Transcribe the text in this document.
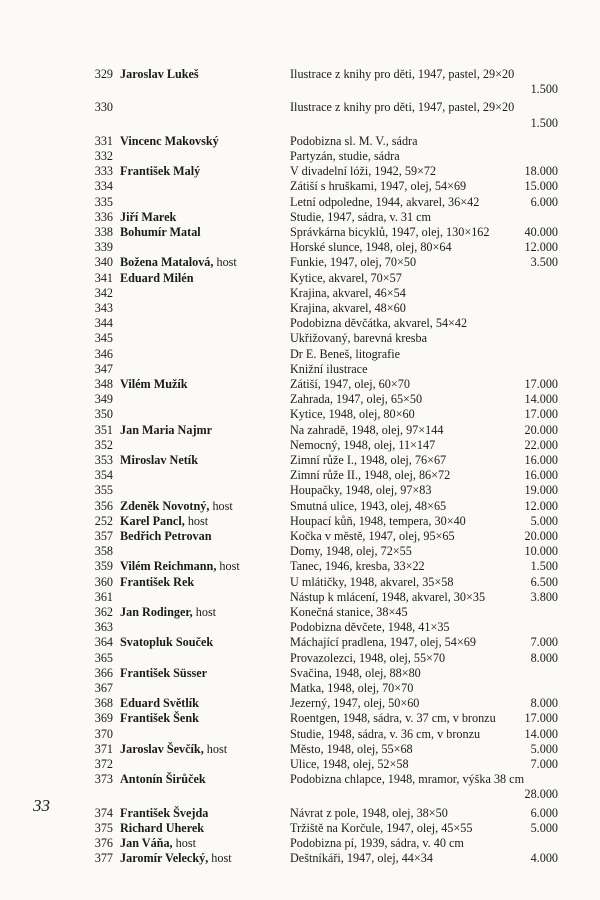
329 Jaroslav Lukeš	Ilustrace z knihy pro děti, 1947, pastel, 29×20
1.500
330	Ilustrace z knihy pro děti, 1947, pastel, 29×20
1.500
331 Vincenc Makovský	Podobizna sl. M. V., sádra
332	Partyzán, studie, sádra
333 František Malý	V divadelní lóži, 1942, 59×72	18.000
334	Zátiší s hruškami, 1947, olej, 54×69	15.000
335	Letní odpoledne, 1944, akvarel, 36×42	6.000
336 Jiří Marek	Studie, 1947, sádra, v. 31 cm
338 Bohumír Matal	Správkárna bicyklů, 1947, olej, 130×162	40.000
339	Horské slunce, 1948, olej, 80×64	12.000
340 Božena Matalová, host	Funkie, 1947, olej, 70×50	3.500
341 Eduard Milén	Kytice, akvarel, 70×57
342	Krajina, akvarel, 46×54
343	Krajina, akvarel, 48×60
344	Podobizna děvčátka, akvarel, 54×42
345	Ukřižovaný, barevná kresba
346	Dr E. Beneš, litografie
347	Knižní ilustrace
348 Vilém Mužík	Zátiší, 1947, olej, 60×70	17.000
349	Zahrada, 1947, olej, 65×50	14.000
350	Kytice, 1948, olej, 80×60	17.000
351 Jan Maria Najmr	Na zahradě, 1948, olej, 97×144	20.000
352	Nemocný, 1948, olej, 11×147	22.000
353 Miroslav Netík	Zimní růže I., 1948, olej, 76×67	16.000
354	Zimní růže II., 1948, olej, 86×72	16.000
355	Houpačky, 1948, olej, 97×83	19.000
356 Zdeněk Novotný, host	Smutná ulice, 1943, olej, 48×65	12.000
252 Karel Pancl, host	Houpací kůň, 1948, tempera, 30×40	5.000
357 Bedřich Petrovan	Kočka v městě, 1947, olej, 95×65	20.000
358	Domy, 1948, olej, 72×55	10.000
359 Vilém Reichmann, host	Tanec, 1946, kresba, 33×22	1.500
360 František Rek	U mlátičky, 1948, akvarel, 35×58	6.500
361	Nástup k mlácení, 1948, akvarel, 30×35	3.800
362 Jan Rodinger, host	Konečná stanice, 38×45
363	Podobizna děvčete, 1948, 41×35
364 Svatopluk Souček	Máchající pradlena, 1947, olej, 54×69	7.000
365	Provazolezci, 1948, olej, 55×70	8.000
366 František Süsser	Svačina, 1948, olej, 88×80
367	Matka, 1948, olej, 70×70
368 Eduard Světlík	Jezerný, 1947, olej, 50×60	8.000
369 František Šenk	Roentgen, 1948, sádra, v. 37 cm, v bronzu 17.000
370	Studie, 1948, sádra, v. 36 cm, v bronzu	14.000
371 Jaroslav Ševčík, host	Město, 1948, olej, 55×68	5.000
372	Ulice, 1948, olej, 52×58	7.000
373 Antonín Širůček	Podobizna chlapce, 1948, mramor, výška 38 cm
28.000
374 František Švejda	Návrat z pole, 1948, olej, 38×50	6.000
375 Richard Uherek	Tržiště na Korčule, 1947, olej, 45×55	5.000
376 Jan Váňa, host	Podobizna pí, 1939, sádra, v. 40 cm
377 Jaromír Velecký, host	Deštníkáři, 1947, olej, 44×34	4.000
33
